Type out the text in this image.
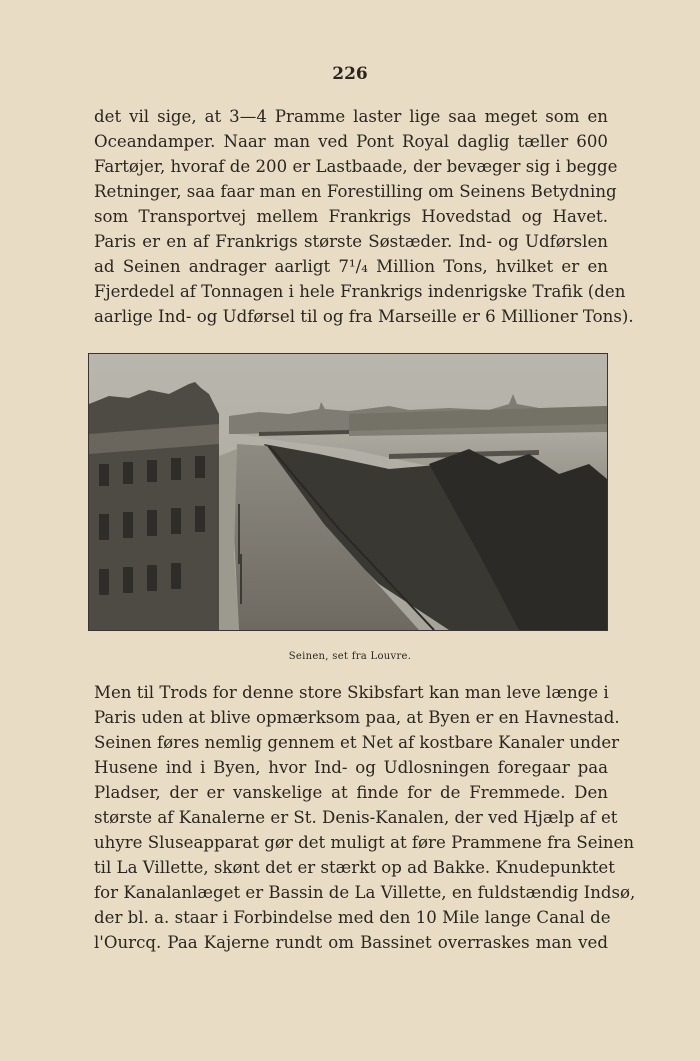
226
det vil sige, at 3—4 Pramme laster lige saa meget som en
Oceandamper. Naar man ved Pont Royal daglig tæller 600
Fartøjer, hvoraf de 200 er Lastbaade, der bevæger sig i begge
Retninger, saa faar man en Forestilling om Seinens Betydning
som Transportvej mellem Frankrigs Hovedstad og Havet.
Paris er en af Frankrigs største Søstæder. Ind- og Udførslen
ad Seinen andrager aarligt 7¹/₄ Million Tons, hvilket er en
Fjerdedel af Tonnagen i hele Frankrigs indenrigske Trafik (den
aarlige Ind- og Udførsel til og fra Marseille er 6 Millioner Tons).
Seinen, set fra Louvre.
Men til Trods for denne store Skibsfart kan man leve længe i
Paris uden at blive opmærksom paa, at Byen er en Havnestad.
Seinen føres nemlig gennem et Net af kostbare Kanaler under
Husene ind i Byen, hvor Ind- og Udlosningen foregaar paa
Pladser, der er vanskelige at finde for de Fremmede. Den
største af Kanalerne er St. Denis-Kanalen, der ved Hjælp af et
uhyre Sluseapparat gør det muligt at føre Prammene fra Seinen
til La Villette, skønt det er stærkt op ad Bakke. Knudepunktet
for Kanalanlæget er Bassin de La Villette, en fuldstændig Indsø,
der bl. a. staar i Forbindelse med den 10 Mile lange Canal de
l'Ourcq. Paa Kajerne rundt om Bassinet overraskes man ved
